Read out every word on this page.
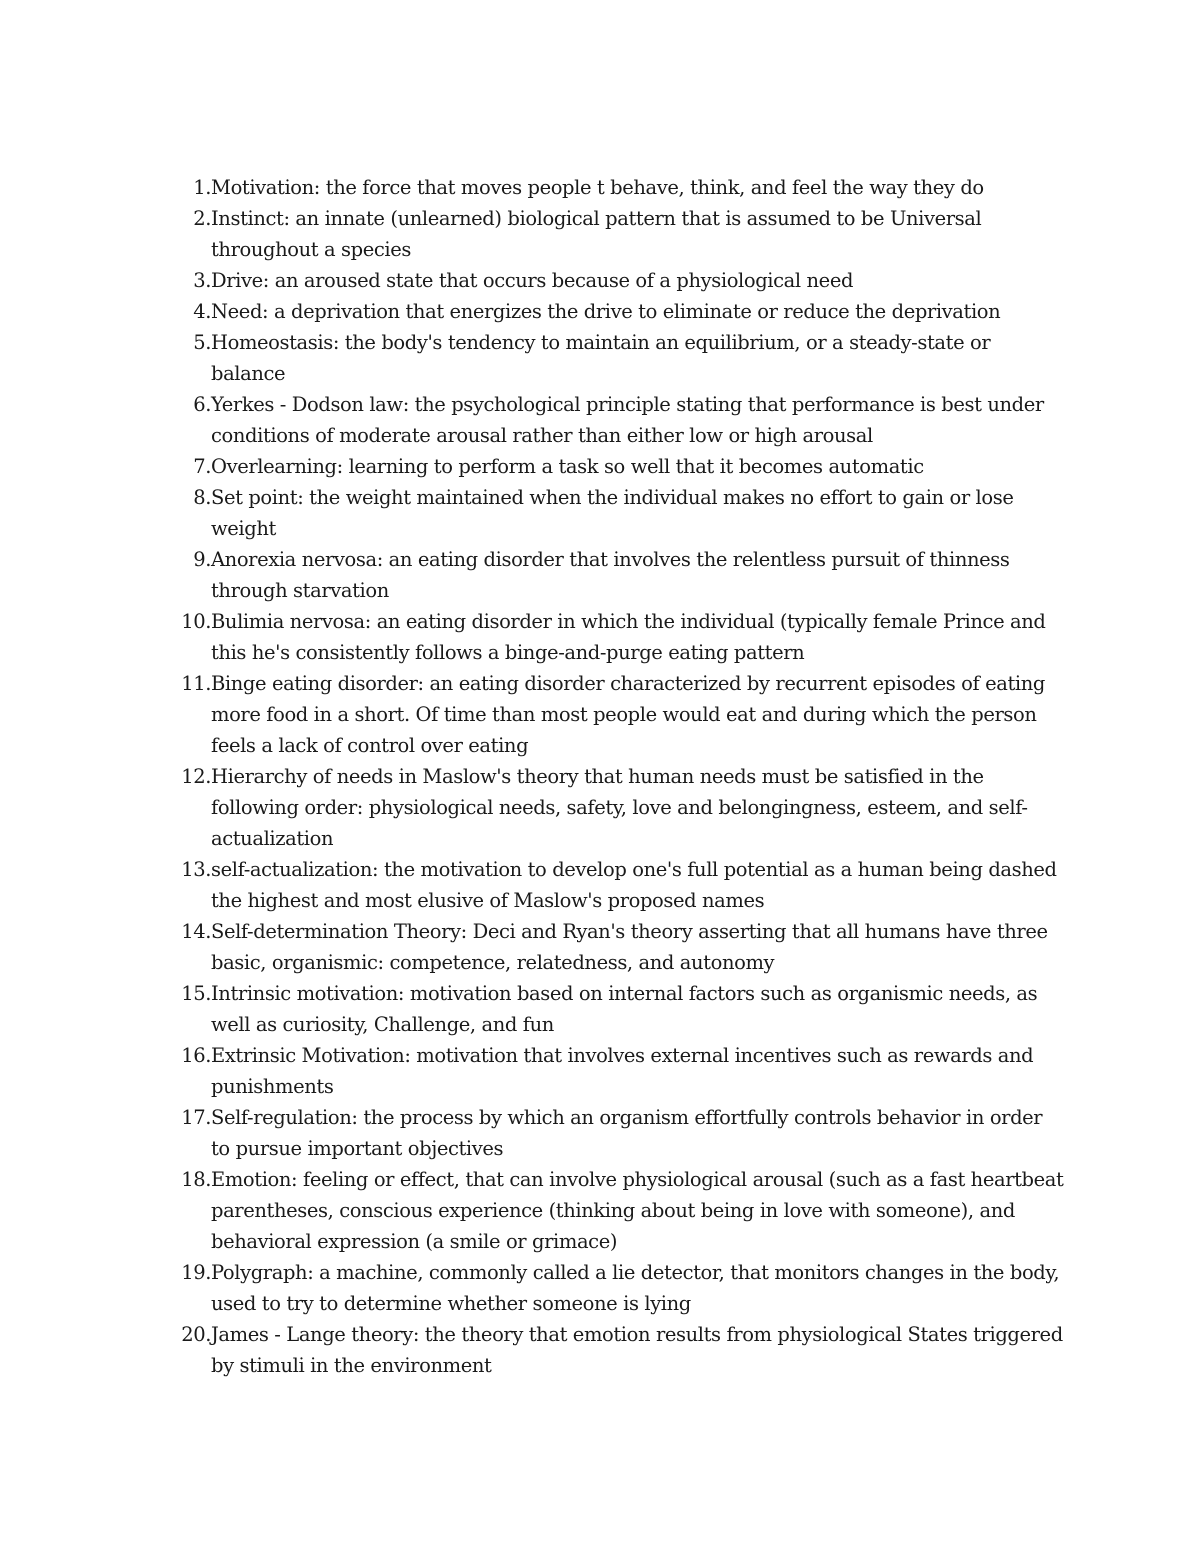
1. Motivation: the force that moves people t behave, think, and feel the way they do
2. Instinct: an innate (unlearned) biological pattern that is assumed to be Universal throughout a species
3. Drive: an aroused state that occurs because of a physiological need
4. Need: a deprivation that energizes the drive to eliminate or reduce the deprivation
5. Homeostasis: the body's tendency to maintain an equilibrium, or a steady-state or balance
6. Yerkes - Dodson law: the psychological principle stating that performance is best under conditions of moderate arousal rather than either low or high arousal
7. Overlearning: learning to perform a task so well that it becomes automatic
8. Set point: the weight maintained when the individual makes no effort to gain or lose weight
9. Anorexia nervosa: an eating disorder that involves the relentless pursuit of thinness through starvation
10. Bulimia nervosa: an eating disorder in which the individual (typically female Prince and this he's consistently follows a binge-and-purge eating pattern
11. Binge eating disorder: an eating disorder characterized by recurrent episodes of eating more food in a short. Of time than most people would eat and during which the person feels a lack of control over eating
12. Hierarchy of needs in Maslow's theory that human needs must be satisfied in the following order: physiological needs, safety, love and belongingness, esteem, and self-actualization
13. self-actualization: the motivation to develop one's full potential as a human being dashed the highest and most elusive of Maslow's proposed names
14. Self-determination Theory: Deci and Ryan's theory asserting that all humans have three basic, organismic: competence, relatedness, and autonomy
15. Intrinsic motivation: motivation based on internal factors such as organismic needs, as well as curiosity, Challenge, and fun
16. Extrinsic Motivation: motivation that involves external incentives such as rewards and punishments
17. Self-regulation: the process by which an organism effortfully controls behavior in order to pursue important objectives
18. Emotion: feeling or effect, that can involve physiological arousal (such as a fast heartbeat parentheses, conscious experience (thinking about being in love with someone), and behavioral expression (a smile or grimace)
19. Polygraph: a machine, commonly called a lie detector, that monitors changes in the body, used to try to determine whether someone is lying
20. James - Lange theory: the theory that emotion results from physiological States triggered by stimuli in the environment
